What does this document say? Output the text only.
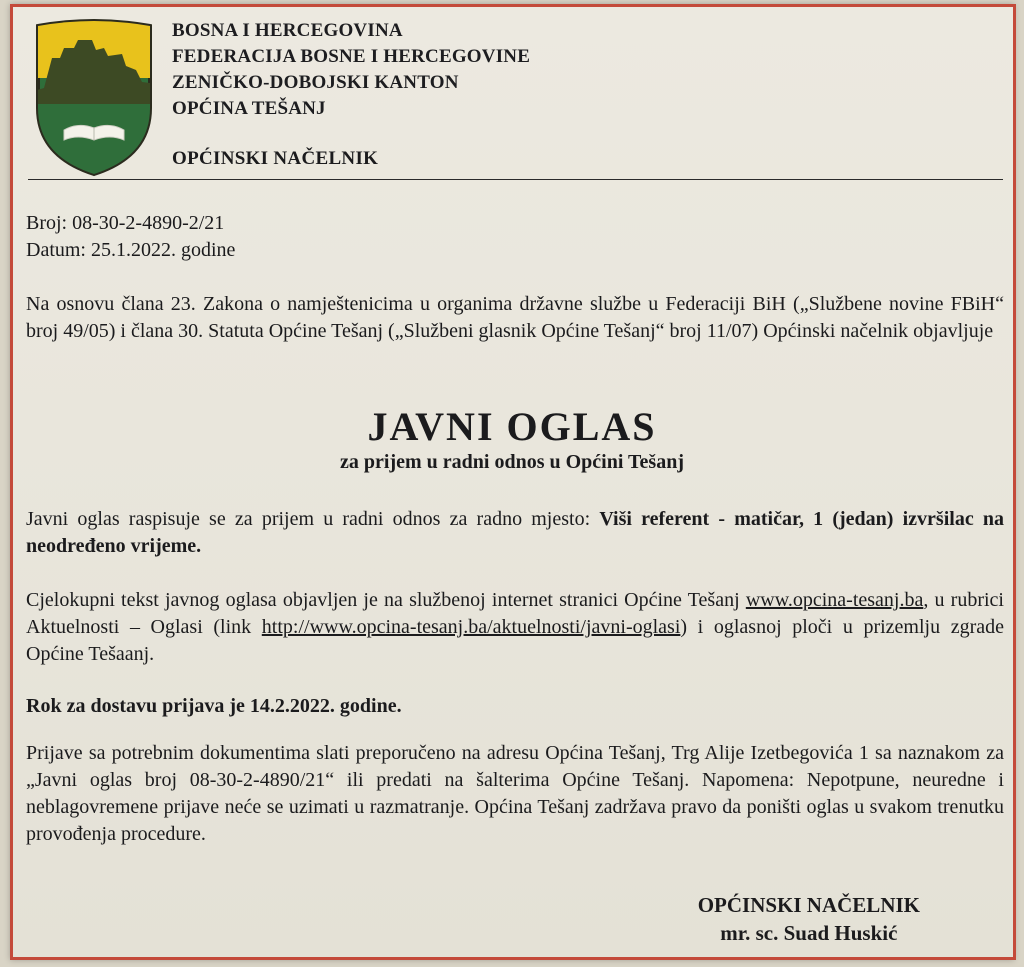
BOSNA I HERCEGOVINA
FEDERACIJA BOSNE I HERCEGOVINE
ZENIČKO-DOBOJSKI KANTON
OPĆINA TEŠANJ
OPĆINSKI NAČELNIK
Broj: 08-30-2-4890-2/21
Datum: 25.1.2022. godine
Na osnovu člana 23. Zakona o namještenicima u organima državne službe u Federaciji BiH („Službene novine FBiH“ broj 49/05) i člana 30. Statuta Općine Tešanj („Službeni glasnik Općine Tešanj“ broj 11/07) Općinski načelnik objavljuje
JAVNI OGLAS
za prijem u radni odnos u Općini Tešanj
Javni oglas raspisuje se za prijem u radni odnos za radno mjesto: Viši referent - matičar, 1 (jedan) izvršilac na neodređeno vrijeme.
Cjelokupni tekst javnog oglasa objavljen je na službenoj internet stranici Općine Tešanj www.opcina-tesanj.ba, u rubrici Aktuelnosti – Oglasi (link http://www.opcina-tesanj.ba/aktuelnosti/javni-oglasi) i oglasnoj ploči u prizemlju zgrade Općine Tešaanj.
Rok za dostavu prijava je 14.2.2022. godine.
Prijave sa potrebnim dokumentima slati preporučeno na adresu Općina Tešanj, Trg Alije Izetbegovića 1 sa naznakom za „Javni oglas broj 08-30-2-4890/21“ ili predati na šalterima Općine Tešanj. Napomena: Nepotpune, neuredne i neblagovremene prijave neće se uzimati u razmatranje. Općina Tešanj zadržava pravo da poništi oglas u svakom trenutku provođenja procedure.
OPĆINSKI NAČELNIK
mr. sc. Suad Huskić
